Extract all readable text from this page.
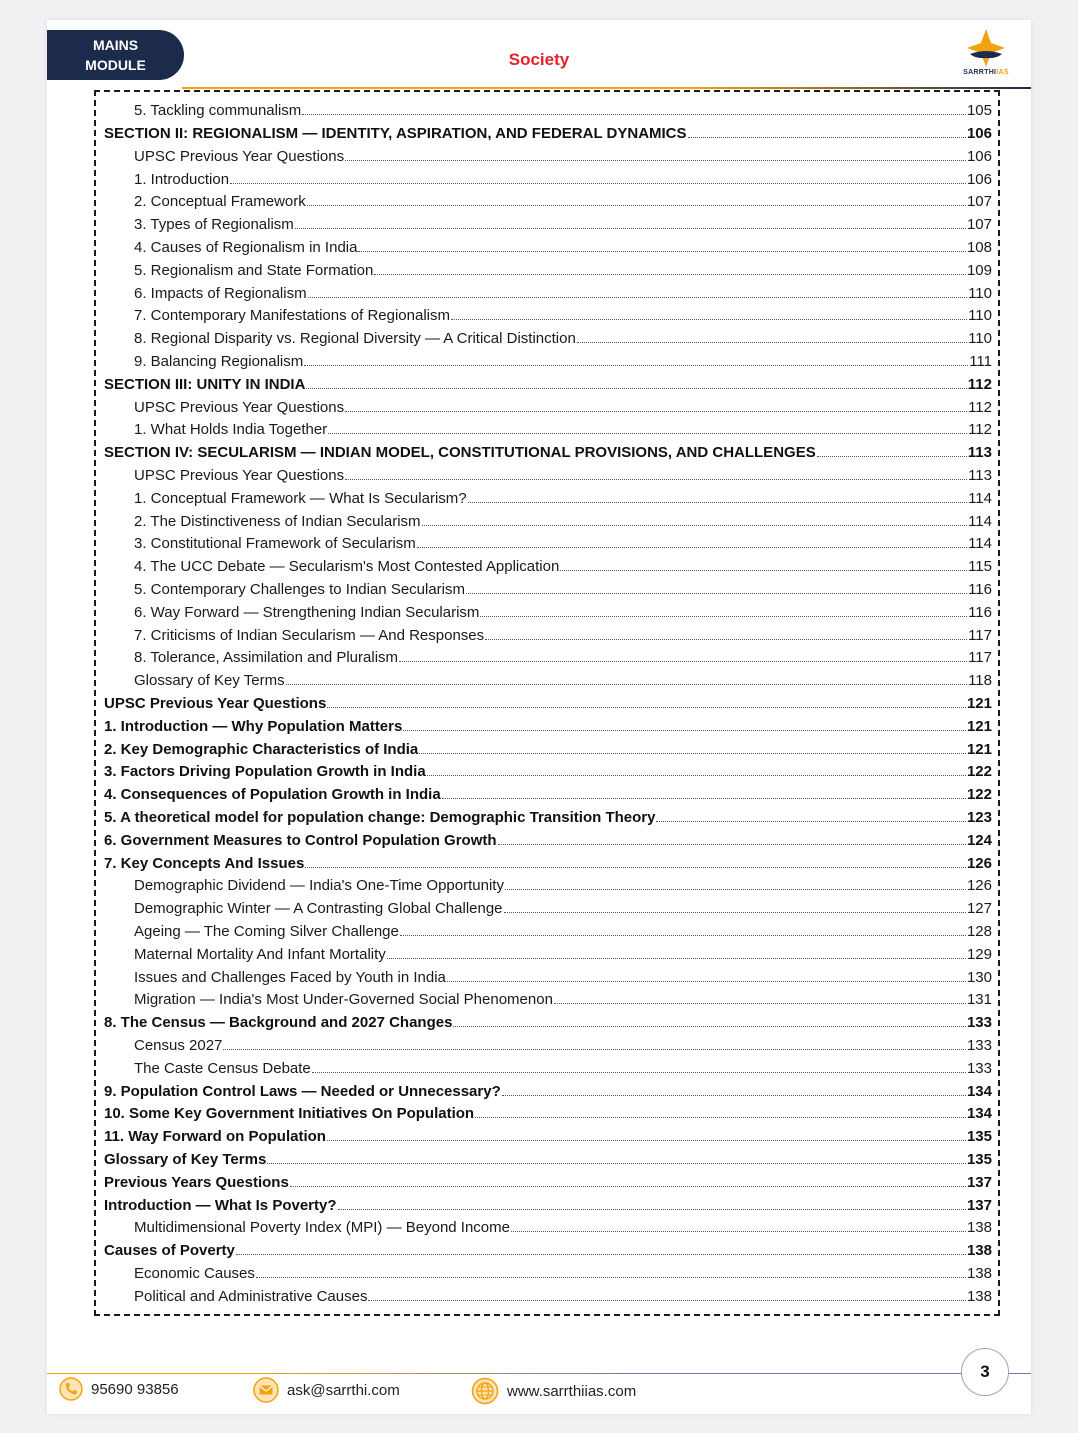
MAINS
MODULE	Society
SARRTHIIAS
5. Tackling communalism	105
SECTION II: REGIONALISM — IDENTITY, ASPIRATION, AND FEDERAL DYNAMICS	106
UPSC Previous Year Questions	106
1. Introduction	106
2. Conceptual Framework	107
3. Types of Regionalism	107
4. Causes of Regionalism in India	108
5. Regionalism and State Formation	109
6. Impacts of Regionalism	110
7. Contemporary Manifestations of Regionalism	110
8. Regional Disparity vs. Regional Diversity — A Critical Distinction	110
9. Balancing Regionalism	111
SECTION III: UNITY IN INDIA	112
UPSC Previous Year Questions	112
1. What Holds India Together	112
SECTION IV: SECULARISM — INDIAN MODEL, CONSTITUTIONAL PROVISIONS, AND CHALLENGES	113
UPSC Previous Year Questions	113
1. Conceptual Framework — What Is Secularism?	114
2. The Distinctiveness of Indian Secularism	114
3. Constitutional Framework of Secularism	114
4. The UCC Debate — Secularism's Most Contested Application	115
5. Contemporary Challenges to Indian Secularism	116
6. Way Forward — Strengthening Indian Secularism	116
7. Criticisms of Indian Secularism — And Responses	117
8. Tolerance, Assimilation and Pluralism	117
Glossary of Key Terms	118
UPSC Previous Year Questions	121
1. Introduction — Why Population Matters	121
2. Key Demographic Characteristics of India	121
3. Factors Driving Population Growth in India	122
4. Consequences of Population Growth in India	122
5. A theoretical model for population change: Demographic Transition Theory	123
6. Government Measures to Control Population Growth	124
7. Key Concepts And Issues	126
Demographic Dividend — India's One-Time Opportunity	126
Demographic Winter — A Contrasting Global Challenge	127
Ageing — The Coming Silver Challenge	128
Maternal Mortality And Infant Mortality	129
Issues and Challenges Faced by Youth in India	130
Migration — India's Most Under-Governed Social Phenomenon	131
8. The Census — Background and 2027 Changes	133
Census 2027	133
The Caste Census Debate	133
9. Population Control Laws — Needed or Unnecessary?	134
10. Some Key Government Initiatives On Population	134
11. Way Forward on Population	135
Glossary of Key Terms	135
Previous Years Questions	137
Introduction — What Is Poverty?	137
Multidimensional Poverty Index (MPI) — Beyond Income	138
Causes of Poverty	138
Economic Causes	138
Political and Administrative Causes	138
95690 93856	ask@sarrthi.com	www.sarrthiias.com
3
